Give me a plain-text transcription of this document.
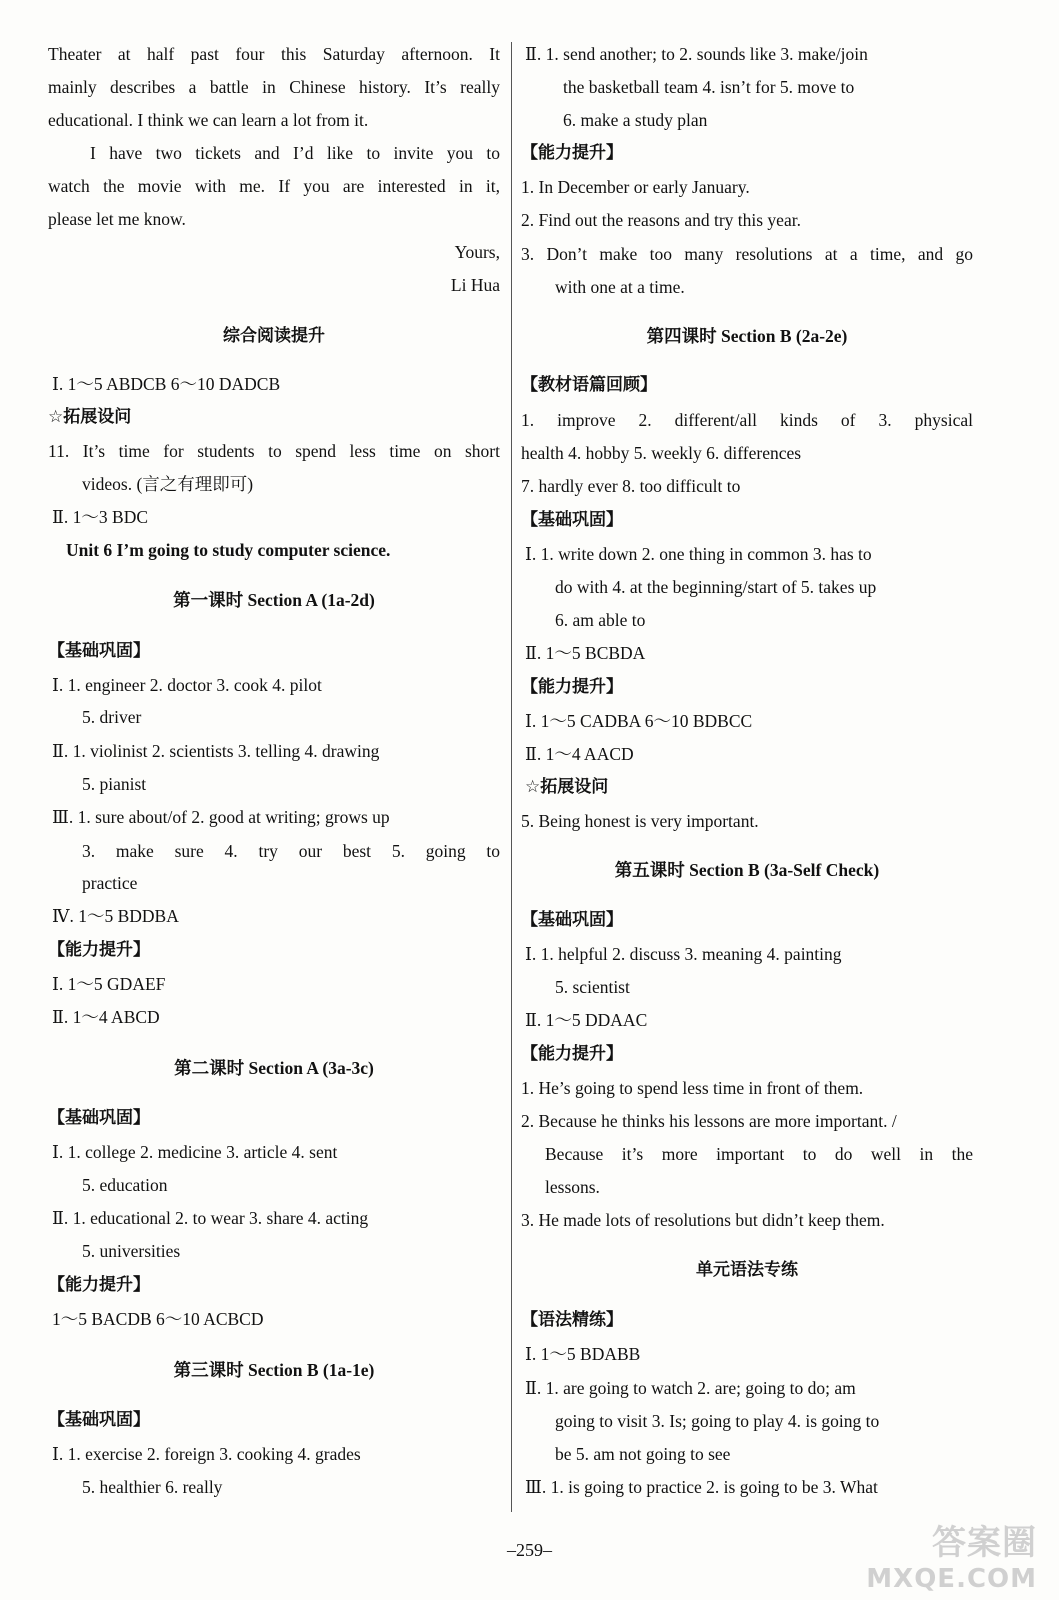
Theater at half past four this Saturday afternoon. It
mainly describes a battle in Chinese history. It’s really
educational. I think we can learn a lot from it.
I have two tickets and I’d like to invite you to
watch the movie with me. If you are interested in it,
please let me know.
Yours,
Li Hua
综合阅读提升
Ⅰ. 1～5 ABDCB 6～10 DADCB
☆拓展设问
11. It’s time for students to spend less time on short
videos. (言之有理即可)
Ⅱ. 1～3 BDC
Unit 6 I’m going to study computer science.
第一课时 Section A (1a-2d)
【基础巩固】
Ⅰ. 1. engineer 2. doctor 3. cook 4. pilot
5. driver
Ⅱ. 1. violinist 2. scientists 3. telling 4. drawing
5. pianist
Ⅲ. 1. sure about/of 2. good at writing; grows up
3. make sure 4. try our best 5. going to
practice
Ⅳ. 1～5 BDDBA
【能力提升】
Ⅰ. 1～5 GDAEF
Ⅱ. 1～4 ABCD
第二课时 Section A (3a-3c)
【基础巩固】
Ⅰ. 1. college 2. medicine 3. article 4. sent
5. education
Ⅱ. 1. educational 2. to wear 3. share 4. acting
5. universities
【能力提升】
1～5 BACDB 6～10 ACBCD
第三课时 Section B (1a-1e)
【基础巩固】
Ⅰ. 1. exercise 2. foreign 3. cooking 4. grades
5. healthier 6. really
Ⅱ. 1. send another; to 2. sounds like 3. make/join
the basketball team 4. isn’t for 5. move to
6. make a study plan
【能力提升】
1. In December or early January.
2. Find out the reasons and try this year.
3. Don’t make too many resolutions at a time, and go
with one at a time.
第四课时 Section B (2a-2e)
【教材语篇回顾】
1. improve 2. different/all kinds of 3. physical
health 4. hobby 5. weekly 6. differences
7. hardly ever 8. too difficult to
【基础巩固】
Ⅰ. 1. write down 2. one thing in common 3. has to
do with 4. at the beginning/start of 5. takes up
6. am able to
Ⅱ. 1～5 BCBDA
【能力提升】
Ⅰ. 1～5 CADBA 6～10 BDBCC
Ⅱ. 1～4 AACD
☆拓展设问
5. Being honest is very important.
第五课时 Section B (3a-Self Check)
【基础巩固】
Ⅰ. 1. helpful 2. discuss 3. meaning 4. painting
5. scientist
Ⅱ. 1～5 DDAAC
【能力提升】
1. He’s going to spend less time in front of them.
2. Because he thinks his lessons are more important. /
Because it’s more important to do well in the
lessons.
3. He made lots of resolutions but didn’t keep them.
单元语法专练
【语法精练】
Ⅰ. 1～5 BDABB
Ⅱ. 1. are going to watch 2. are; going to do; am
going to visit 3. Is; going to play 4. is going to
be 5. am not going to see
Ⅲ. 1. is going to practice 2. is going to be 3. What
–259–	答案圈
MXQE.COM
